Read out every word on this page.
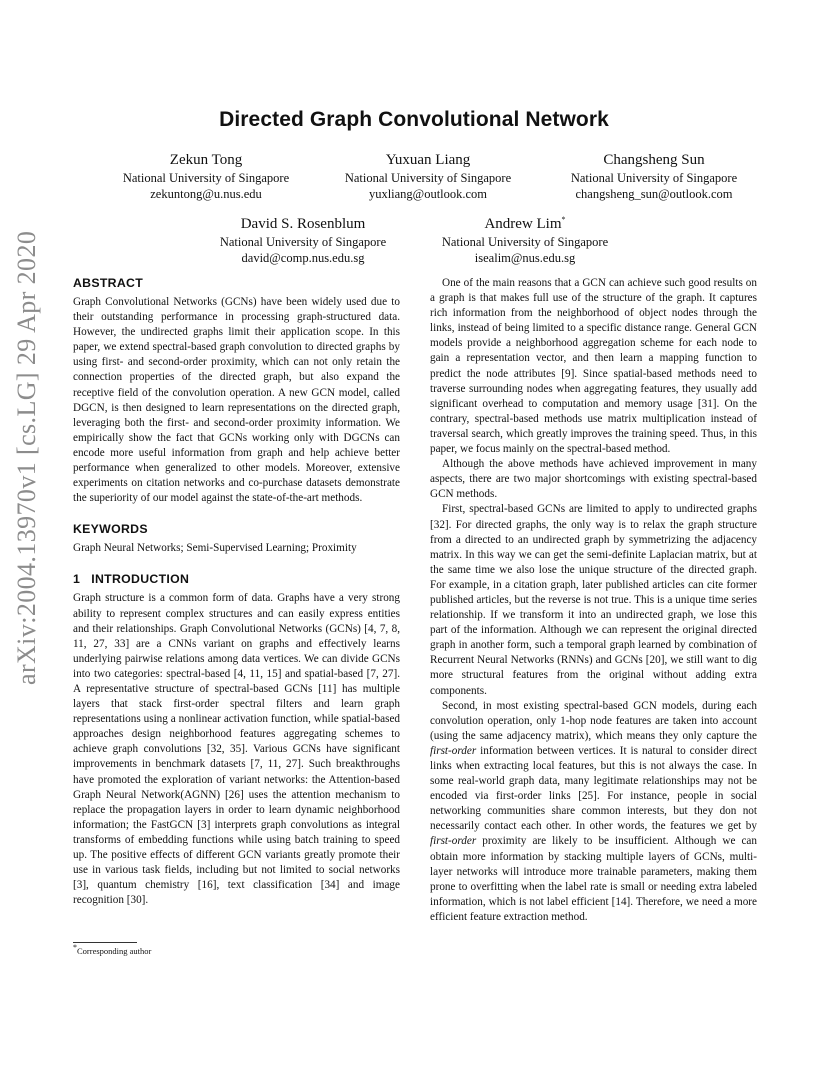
arXiv:2004.13970v1 [cs.LG] 29 Apr 2020
Directed Graph Convolutional Network
Zekun Tong
National University of Singapore
zekuntong@u.nus.edu
Yuxuan Liang
National University of Singapore
yuxliang@outlook.com
Changsheng Sun
National University of Singapore
changsheng_sun@outlook.com
David S. Rosenblum
National University of Singapore
david@comp.nus.edu.sg
Andrew Lim*
National University of Singapore
isealim@nus.edu.sg
ABSTRACT

Graph Convolutional Networks (GCNs) have been widely used due to their outstanding performance in processing graph-structured data. However, the undirected graphs limit their application scope. In this paper, we extend spectral-based graph convolution to directed graphs by using first- and second-order proximity, which can not only retain the connection properties of the directed graph, but also expand the receptive field of the convolution operation. A new GCN model, called DGCN, is then designed to learn representations on the directed graph, leveraging both the first- and second-order proximity information. We empirically show the fact that GCNs working only with DGCNs can encode more useful information from graph and help achieve better performance when generalized to other models. Moreover, extensive experiments on citation networks and co-purchase datasets demonstrate the superiority of our model against the state-of-the-art methods.

KEYWORDS

Graph Neural Networks; Semi-Supervised Learning; Proximity

1   INTRODUCTION

Graph structure is a common form of data. Graphs have a very strong ability to represent complex structures and can easily express entities and their relationships. Graph Convolutional Networks (GCNs) [4, 7, 8, 11, 27, 33] are a CNNs variant on graphs and effectively learns underlying pairwise relations among data vertices. We can divide GCNs into two categories: spectral-based [4, 11, 15] and spatial-based [7, 27]. A representative structure of spectral-based GCNs [11] has multiple layers that stack first-order spectral filters and learn graph representations using a nonlinear activation function, while spatial-based approaches design neighborhood features aggregating schemes to achieve graph convolutions [32, 35]. Various GCNs have significant improvements in benchmark datasets [7, 11, 27]. Such breakthroughs have promoted the exploration of variant networks: the Attention-based Graph Neural Network(AGNN) [26] uses the attention mechanism to replace the propagation layers in order to learn dynamic neighborhood information; the FastGCN [3] interprets graph convolutions as integral transforms of embedding functions while using batch training to speed up. The positive effects of different GCN variants greatly promote their use in various task fields, including but not limited to social networks [3], quantum chemistry [16], text classification [34] and image recognition [30].

One of the main reasons that a GCN can achieve such good results on a graph is that makes full use of the structure of the graph. It captures rich information from the neighborhood of object nodes through the links, instead of being limited to a specific distance range. General GCN models provide a neighborhood aggregation scheme for each node to gain a representation vector, and then learn a mapping function to predict the node attributes [9]. Since spatial-based methods need to traverse surrounding nodes when aggregating features, they usually add significant overhead to computation and memory usage [31]. On the contrary, spectral-based methods use matrix multiplication instead of traversal search, which greatly improves the training speed. Thus, in this paper, we focus mainly on the spectral-based method.

Although the above methods have achieved improvement in many aspects, there are two major shortcomings with existing spectral-based GCN methods.

First, spectral-based GCNs are limited to apply to undirected graphs [32]. For directed graphs, the only way is to relax the graph structure from a directed to an undirected graph by symmetrizing the adjacency matrix. In this way we can get the semi-definite Laplacian matrix, but at the same time we also lose the unique structure of the directed graph. For example, in a citation graph, later published articles can cite former published articles, but the reverse is not true. This is a unique time series relationship. If we transform it into an undirected graph, we lose this part of the information. Although we can represent the original directed graph in another form, such a temporal graph learned by combination of Recurrent Neural Networks (RNNs) and GCNs [20], we still want to dig more structural features from the original without adding extra components.

Second, in most existing spectral-based GCN models, during each convolution operation, only 1-hop node features are taken into account (using the same adjacency matrix), which means they only capture the first-order information between vertices. It is natural to consider direct links when extracting local features, but this is not always the case. In some real-world graph data, many legitimate relationships may not be encoded via first-order links [25]. For instance, people in social networking communities share common interests, but they don not necessarily contact each other. In other words, the features we get by first-order proximity are likely to be insufficient. Although we can obtain more information by stacking multiple layers of GCNs, multi-layer networks will introduce more trainable parameters, making them prone to overfitting when the label rate is small or needing extra labeled information, which is not label efficient [14]. Therefore, we need a more efficient feature extraction method.

*Corresponding author
